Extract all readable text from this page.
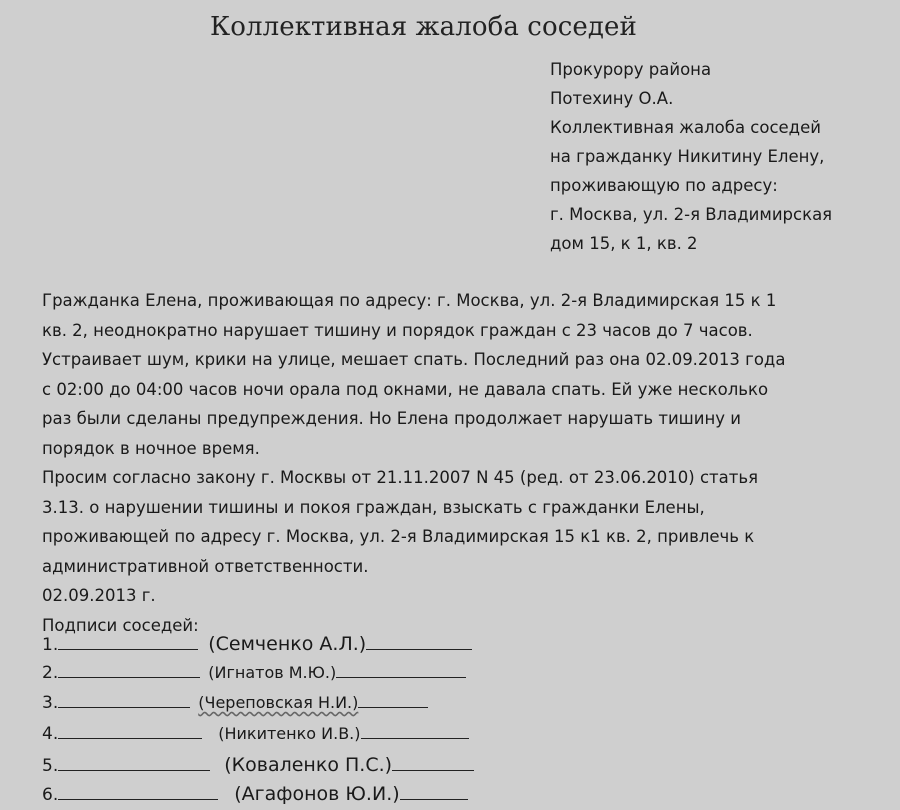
Коллективная жалоба соседей
Прокурору района
Потехину О.А.
Коллективная жалоба соседей
на гражданку Никитину Елену,
проживающую по адресу:
г. Москва, ул. 2-я Владимирская
дом 15, к 1, кв. 2
Гражданка Елена, проживающая по адресу: г. Москва, ул. 2-я Владимирская 15 к 1
кв. 2, неоднократно нарушает тишину и порядок граждан с 23 часов до 7 часов.
Устраивает шум, крики на улице, мешает спать. Последний раз она 02.09.2013 года
с 02:00 до 04:00 часов ночи орала под окнами, не давала спать. Ей уже несколько
раз были сделаны предупреждения. Но Елена продолжает нарушать тишину и
порядок в ночное время.
Просим согласно закону г. Москвы от 21.11.2007 N 45 (ред. от 23.06.2010) статья
3.13. о нарушении тишины и покоя граждан, взыскать с гражданки Елены,
проживающей по адресу г. Москва, ул. 2-я Владимирская 15 к1 кв. 2, привлечь к
административной ответственности.
02.09.2013 г.
Подписи соседей:
1.	(Семченко А.Л.)
2.	(Игнатов М.Ю.)
3.	(Череповская Н.И.)
4.	(Никитенко И.В.)
5.	(Коваленко П.С.)
6.	(Агафонов Ю.И.)
